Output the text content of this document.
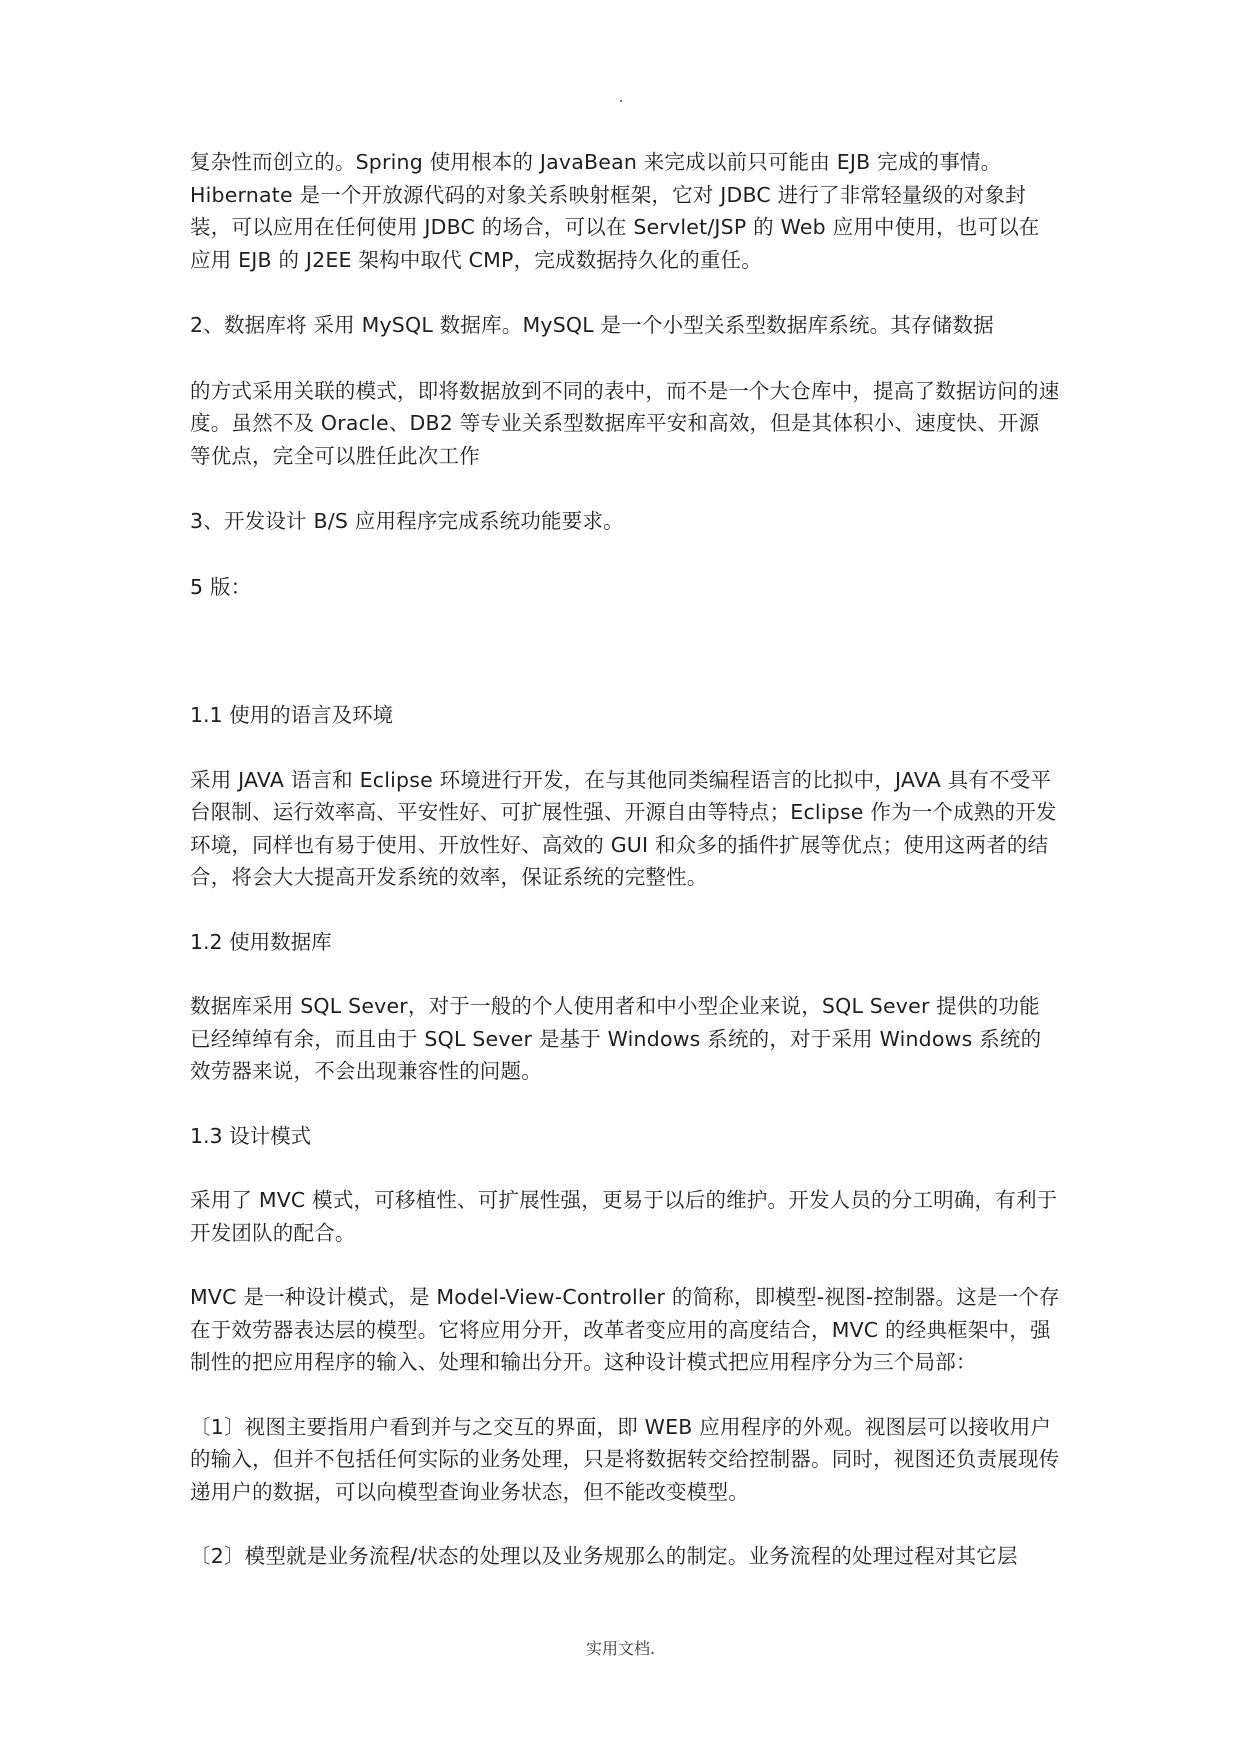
复杂性而创立的。Spring 使用根本的 JavaBean 来完成以前只可能由 EJB 完成的事情。Hibernate 是一个开放源代码的对象关系映射框架，它对 JDBC 进行了非常轻量级的对象封装，可以应用在任何使用 JDBC 的场合，可以在 Servlet/JSP 的 Web 应用中使用，也可以在应用 EJB 的 J2EE 架构中取代 CMP，完成数据持久化的重任。

2、数据库将 采用 MySQL 数据库。MySQL 是一个小型关系型数据库系统。其存储数据

的方式采用关联的模式，即将数据放到不同的表中，而不是一个大仓库中，提高了数据访问的速度。虽然不及 Oracle、DB2 等专业关系型数据库平安和高效，但是其体积小、速度快、开源等优点，完全可以胜任此次工作

3、开发设计 B/S 应用程序完成系统功能要求。

5 版：

1.1 使用的语言及环境

采用 JAVA 语言和 Eclipse 环境进行开发，在与其他同类编程语言的比拟中，JAVA 具有不受平台限制、运行效率高、平安性好、可扩展性强、开源自由等特点；Eclipse 作为一个成熟的开发环境，同样也有易于使用、开放性好、高效的 GUI 和众多的插件扩展等优点；使用这两者的结合，将会大大提高开发系统的效率，保证系统的完整性。

1.2 使用数据库

数据库采用 SQL Sever，对于一般的个人使用者和中小型企业来说，SQL Sever 提供的功能已经绰绰有余，而且由于 SQL Sever 是基于 Windows 系统的，对于采用 Windows 系统的效劳器来说，不会出现兼容性的问题。

1.3 设计模式

采用了 MVC 模式，可移植性、可扩展性强，更易于以后的维护。开发人员的分工明确，有利于开发团队的配合。

MVC 是一种设计模式，是 Model-View-Controller 的简称，即模型-视图-控制器。这是一个存在于效劳器表达层的模型。它将应用分开，改革者变应用的高度结合，MVC 的经典框架中，强制性的把应用程序的输入、处理和输出分开。这种设计模式把应用程序分为三个局部：

〔1〕视图主要指用户看到并与之交互的界面，即 WEB 应用程序的外观。视图层可以接收用户的输入，但并不包括任何实际的业务处理，只是将数据转交给控制器。同时，视图还负责展现传递用户的数据，可以向模型查询业务状态，但不能改变模型。

〔2〕模型就是业务流程/状态的处理以及业务规那么的制定。业务流程的处理过程对其它层

实用文档.
